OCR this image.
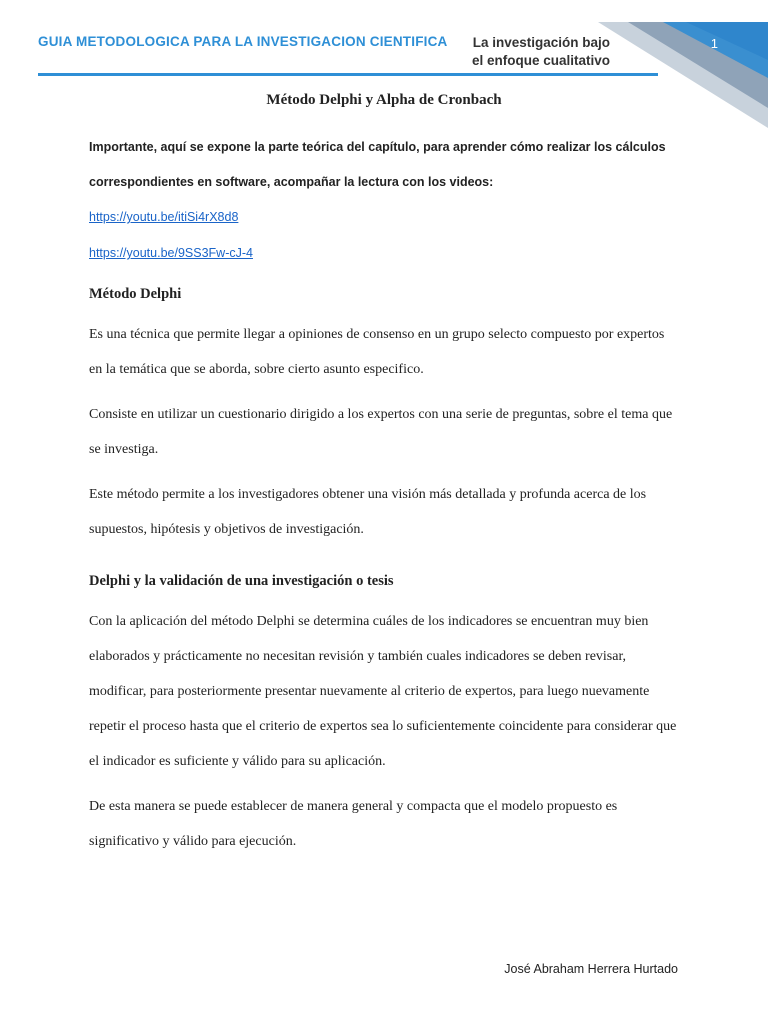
GUIA METODOLOGICA PARA LA INVESTIGACION CIENTIFICA La investigación bajo
el enfoque cualitativo
1
Método Delphi y Alpha de Cronbach

Importante, aquí se expone la parte teórica del capítulo, para aprender cómo realizar los cálculos correspondientes en software, acompañar la lectura con los videos:

https://youtu.be/itiSi4rX8d8
https://youtu.be/9SS3Fw-cJ-4
Método Delphi

Es una técnica que permite llegar a opiniones de consenso en un grupo selecto compuesto por expertos en la temática que se aborda, sobre cierto asunto especifico.

Consiste en utilizar un cuestionario dirigido a los expertos con una serie de preguntas, sobre el tema que se investiga.

Este método permite a los investigadores obtener una visión más detallada y profunda acerca de los supuestos, hipótesis y objetivos de investigación.

Delphi y la validación de una investigación o tesis

Con la aplicación del método Delphi se determina cuáles de los indicadores se encuentran muy bien elaborados y prácticamente no necesitan revisión y también cuales indicadores se deben revisar, modificar, para posteriormente presentar nuevamente al criterio de expertos, para luego nuevamente repetir el proceso hasta que el criterio de expertos sea lo suficientemente coincidente para considerar que el indicador es suficiente y válido para su aplicación.

De esta manera se puede establecer de manera general y compacta que el modelo propuesto es significativo y válido para ejecución.

José Abraham Herrera Hurtado
